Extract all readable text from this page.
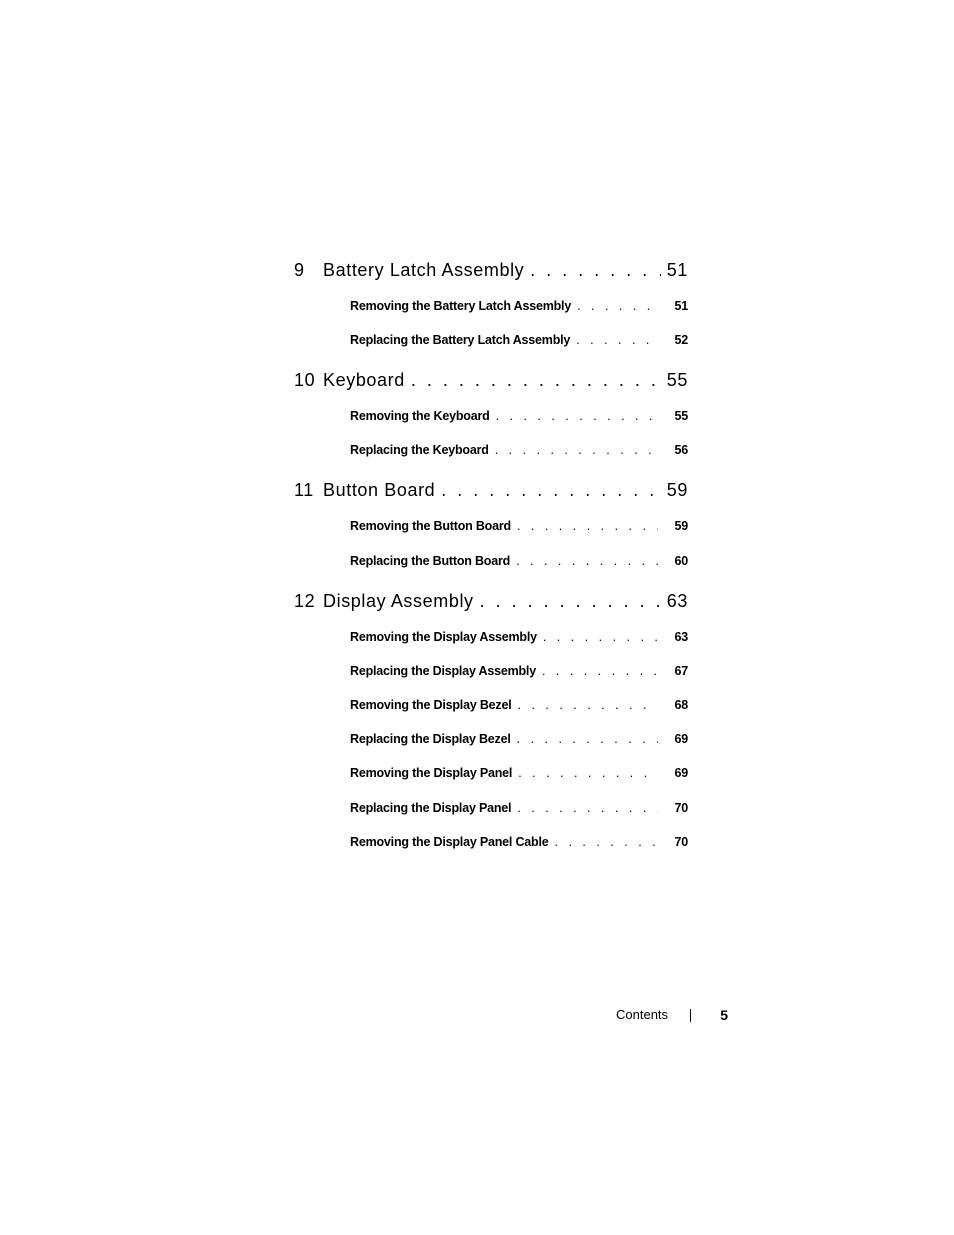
9	Battery Latch Assembly . . .	51
Removing the Battery Latch Assembly . . .	51
Replacing the Battery Latch Assembly . . .	52
10 Keyboard . . .	55
Removing the Keyboard . . .	55
Replacing the Keyboard . . .	56
11 Button Board . . .	59
Removing the Button Board . . .	59
Replacing the Button Board . . .	60
12 Display Assembly . . .	63
Removing the Display Assembly . . .	63
Replacing the Display Assembly . . .	67
Removing the Display Bezel . . .	68
Replacing the Display Bezel . . .	69
Removing the Display Panel . . .	69
Replacing the Display Panel . . .	70
Removing the Display Panel Cable . . .	70
Contents	5
